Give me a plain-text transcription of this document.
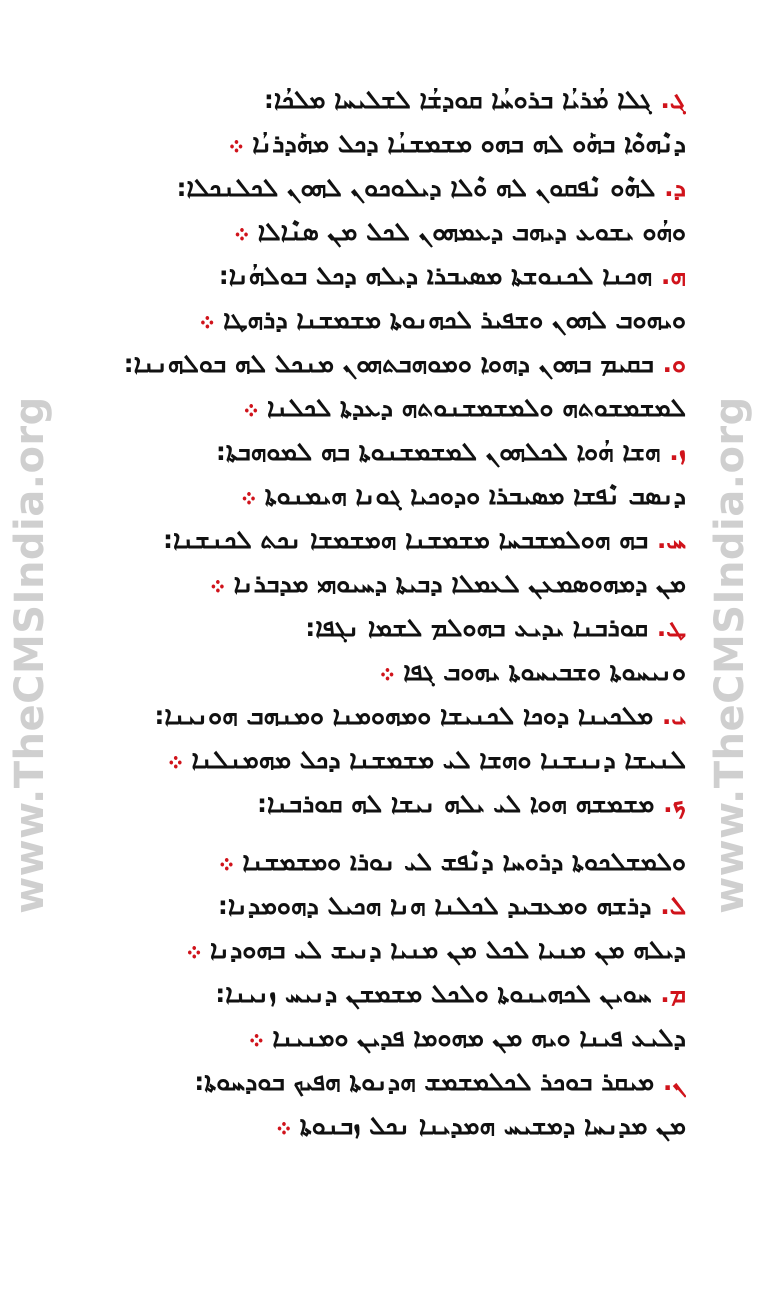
www.TheCMSIndia.org	www.TheCMSIndia.org
ܓ. ܓܠܐ ܡܳܪܝܳܐ ܒܪܘܚܳܐ ܩܘܕܫܳܐ ܠܫܠܝܚܐ ܡܠܟܳܐ:
ܕܢܶܗܘܶܐ ܒܗܰܘ ܠܗ ܒܗܘ ܡܫܡܫܢܳܐ ܕܟܠ ܡܗܰܕܪܢܳܐ ܀
ܕ. ܠܗܶܘ ܢܶܦܩܘܢ ܠܗ ܘܶܠܐ ܕܝܠܘܟܘܢ ܠܗܘܢ ܠܟܠܢܟܠܐ:
ܘܗܳܘ ܝܫܘܥ ܕܝܗܒ ܕܥܡܗܘܢ ܠܟܠ ܡܢ ܣܢܶܐܠܐ ܀
ܗ. ܗܟܢܐ ܠܟܢܘܫܬܐ ܡܣܝܒܪܐ ܕܝܠܗ ܕܟܠ ܒܘܠܗܳܢܐ:
ܘܝܗܘܒ ܠܗܘܢ ܘܫܦܝܪ ܠܟܗܢܘܬܐ ܡܫܡܫܢܐ ܕܪܗܛܐ ܀
ܘ. ܒܩܝܡ ܒܗܘܢ ܕܗܘܐ ܘܡܘܗܒܬܗܘܢ ܡܢܟܠ ܠܗ ܒܘܠܗܢܢܐ:
ܠܡܫܡܫܘܬܗ ܘܠܡܫܡܫܢܘܬܗ ܕܥܕܬܐ ܠܟܠܢܐ ܀
ܙ. ܗܫܐ ܗܳܘܐ ܠܟܠܗܘܢ ܠܡܫܡܫܢܘܬܐ ܒܗ ܠܡܘܗܒܬܐ:
ܕܢܣܒ ܢܶܦܫܐ ܡܣܝܒܪܐ ܘܕܘܟܝܐ ܓܘܢܐ ܗܝܡܢܘܬܐ ܀
ܚ. ܒܗ ܗܘܠܡܫܒܚܐ ܡܫܡܫܢܐ ܗܡܫܡܫܐ ܢܟܬ ܠܟܢܫܢܐ:
ܡܢ ܕܡܗܘܣܡܥܢ ܠܥܡܠܐ ܕܒܝܬܐ ܕܚܝܘܗܝ ܡܕܒܪܢܐ ܀
ܛ. ܩܘܪܒܢܐ ܝܕܝܥ ܒܗܘܠܡ ܠܫܡܐ ܢܓܦܐ:
ܘܢܝܚܘܬܐ ܘܫܒܝܚܘܬܐ ܝܗܘܒ ܓܦܐ ܀
ܝ. ܡܠܟܝܢܐ ܕܘܟܐ ܠܟܢܝܫܐ ܘܡܗܘܡܢܐ ܘܡܢܗܒ ܗܘܢܝܢܐ:
ܠܢܝܫܐ ܕܢܢܫܢܐ ܘܗܫܐ ܠܝ ܡܫܡܫܢܐ ܕܟܠ ܡܗܡܢܠܢܐ ܀
ܟ. ܡܫܡܫܗ ܗܘܐ ܠܝ ܝܠܗ ܢܝܫܐ ܠܗ ܩܘܪܒܢܐ:
ܘܠܡܫܠܟܘܬܐ ܕܪܘܚܐ ܕܢܶܦܫ ܠܝ ܢܘܪܐ ܘܡܫܡܫܢܐ ܀
ܠ. ܕܪܫܗ ܘܡܥܒܝܕ ܠܟܠܢܐ ܗܢܐ ܗܟܝܠ ܕܗܘܡܕܢܐ:
ܕܝܠܗ ܡܢ ܡܢܝܐ ܠܟܠ ܡܢ ܡܢܝܐ ܕܢܝܫ ܠܝ ܒܗܘܕܢܐ ܀
ܡ. ܚܘܝܢ ܠܟܗܝܢܘܬܐ ܘܠܟܠ ܡܫܡܫܢ ܕܢܝܚ ܙܢܝܢܐ:
ܕܠܝܥ ܦܝܢܐ ܘܝܗ ܡܢ ܡܗܘܡܐ ܦܕܝܢ ܘܡܢܝܢܐ ܀
ܢ. ܡܝܩܪ ܒܘܟܪ ܠܟܠܡܫܡܫ ܗܕܢܘܬܐ ܗܦܝܟ ܒܘܕܚܘܬܐ:
ܡܢ ܡܕܢܚܐ ܕܡܫܝܚ ܗܡܕܝܢܐ ܢܟܠ ܙܒܢܘܬܐ ܀
